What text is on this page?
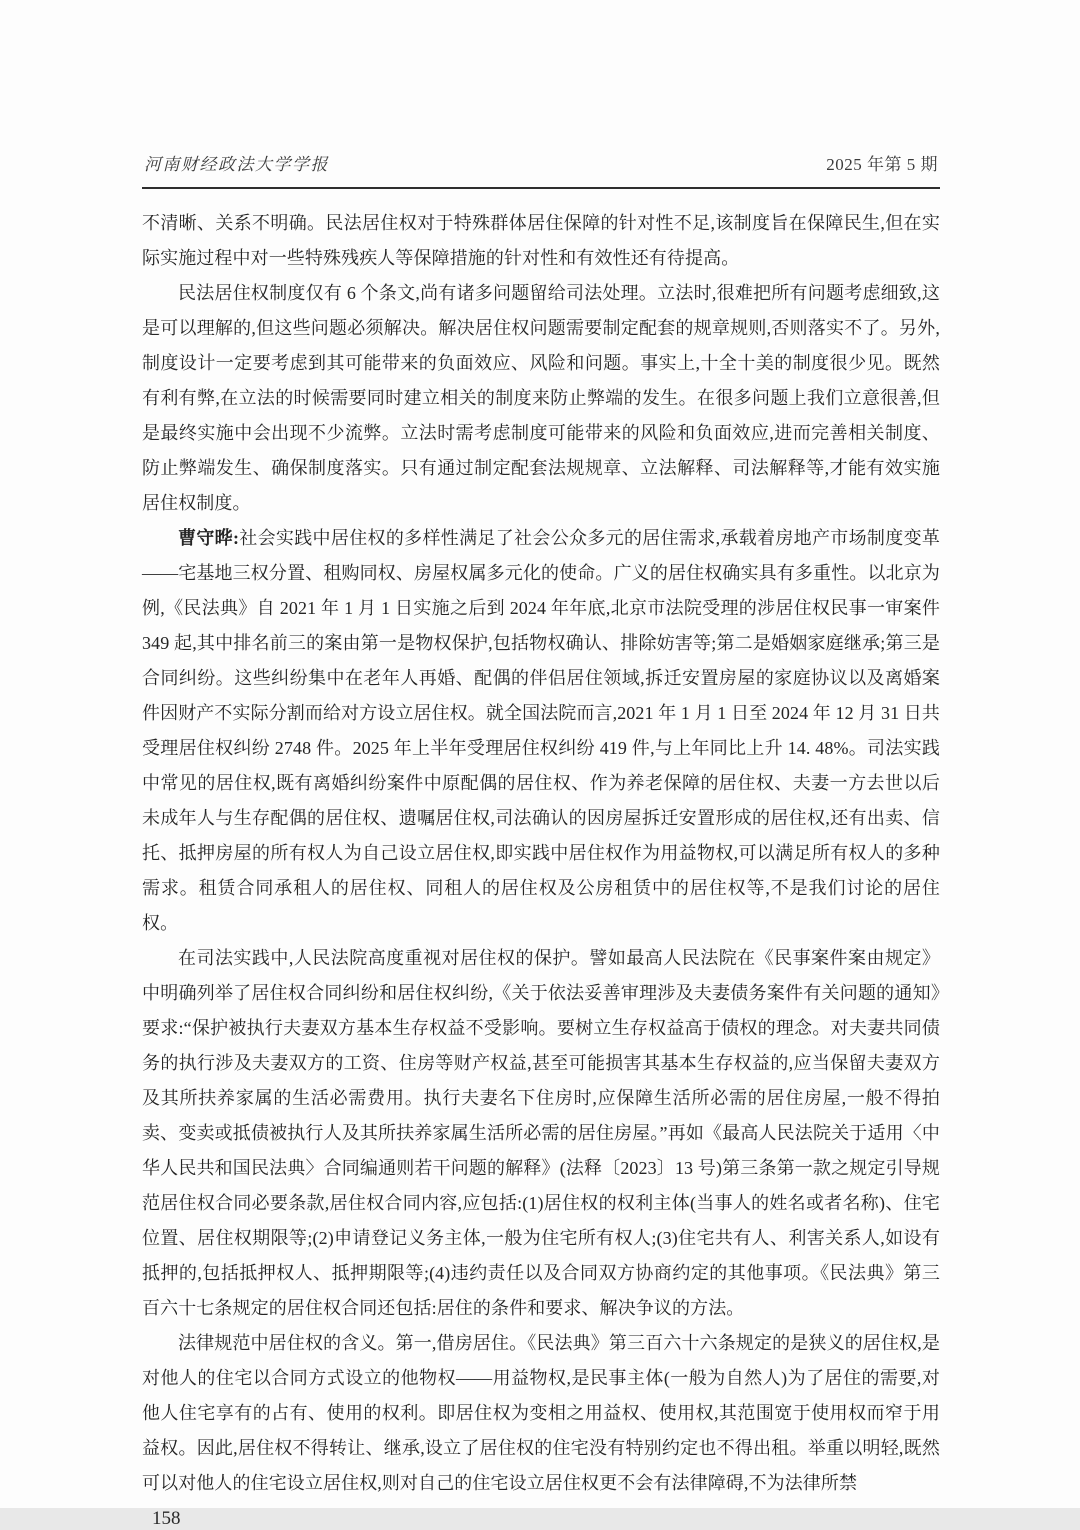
河南财经政法大学学报	2025 年第 5 期

不清晰、关系不明确。民法居住权对于特殊群体居住保障的针对性不足,该制度旨在保障民生,但在实际实施过程中对一些特殊残疾人等保障措施的针对性和有效性还有待提高。

民法居住权制度仅有 6 个条文,尚有诸多问题留给司法处理。立法时,很难把所有问题考虑细致,这是可以理解的,但这些问题必须解决。解决居住权问题需要制定配套的规章规则,否则落实不了。另外,制度设计一定要考虑到其可能带来的负面效应、风险和问题。事实上,十全十美的制度很少见。既然有利有弊,在立法的时候需要同时建立相关的制度来防止弊端的发生。在很多问题上我们立意很善,但是最终实施中会出现不少流弊。立法时需考虑制度可能带来的风险和负面效应,进而完善相关制度、防止弊端发生、确保制度落实。只有通过制定配套法规规章、立法解释、司法解释等,才能有效实施居住权制度。

曹守晔:社会实践中居住权的多样性满足了社会公众多元的居住需求,承载着房地产市场制度变革——宅基地三权分置、租购同权、房屋权属多元化的使命。广义的居住权确实具有多重性。以北京为例,《民法典》自 2021 年 1 月 1 日实施之后到 2024 年年底,北京市法院受理的涉居住权民事一审案件 349 起,其中排名前三的案由第一是物权保护,包括物权确认、排除妨害等;第二是婚姻家庭继承;第三是合同纠纷。这些纠纷集中在老年人再婚、配偶的伴侣居住领域,拆迁安置房屋的家庭协议以及离婚案件因财产不实际分割而给对方设立居住权。就全国法院而言,2021 年 1 月 1 日至 2024 年 12 月 31 日共受理居住权纠纷 2748 件。2025 年上半年受理居住权纠纷 419 件,与上年同比上升 14. 48%。司法实践中常见的居住权,既有离婚纠纷案件中原配偶的居住权、作为养老保障的居住权、夫妻一方去世以后未成年人与生存配偶的居住权、遗嘱居住权,司法确认的因房屋拆迁安置形成的居住权,还有出卖、信托、抵押房屋的所有权人为自己设立居住权,即实践中居住权作为用益物权,可以满足所有权人的多种需求。租赁合同承租人的居住权、同租人的居住权及公房租赁中的居住权等,不是我们讨论的居住权。

在司法实践中,人民法院高度重视对居住权的保护。譬如最高人民法院在《民事案件案由规定》中明确列举了居住权合同纠纷和居住权纠纷,《关于依法妥善审理涉及夫妻债务案件有关问题的通知》要求:“保护被执行夫妻双方基本生存权益不受影响。要树立生存权益高于债权的理念。对夫妻共同债务的执行涉及夫妻双方的工资、住房等财产权益,甚至可能损害其基本生存权益的,应当保留夫妻双方及其所扶养家属的生活必需费用。执行夫妻名下住房时,应保障生活所必需的居住房屋,一般不得拍卖、变卖或抵债被执行人及其所扶养家属生活所必需的居住房屋。”再如《最高人民法院关于适用〈中华人民共和国民法典〉合同编通则若干问题的解释》(法释〔2023〕13 号)第三条第一款之规定引导规范居住权合同必要条款,居住权合同内容,应包括:(1)居住权的权利主体(当事人的姓名或者名称)、住宅位置、居住权期限等;(2)申请登记义务主体,一般为住宅所有权人;(3)住宅共有人、利害关系人,如设有抵押的,包括抵押权人、抵押期限等;(4)违约责任以及合同双方协商约定的其他事项。《民法典》第三百六十七条规定的居住权合同还包括:居住的条件和要求、解决争议的方法。

法律规范中居住权的含义。第一,借房居住。《民法典》第三百六十六条规定的是狭义的居住权,是对他人的住宅以合同方式设立的他物权——用益物权,是民事主体(一般为自然人)为了居住的需要,对他人住宅享有的占有、使用的权利。即居住权为变相之用益权、使用权,其范围宽于使用权而窄于用益权。因此,居住权不得转让、继承,设立了居住权的住宅没有特别约定也不得出租。举重以明轻,既然可以对他人的住宅设立居住权,则对自己的住宅设立居住权更不会有法律障碍,不为法律所禁

158
